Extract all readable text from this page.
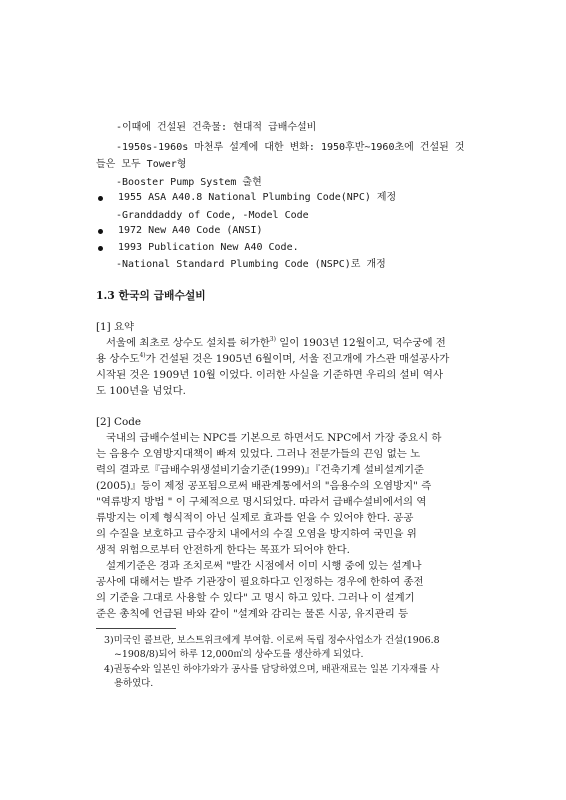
-이때에 건설된 건축물: 현대적 급배수설비
-1950s-1960s 마천루 설계에 대한 변화: 1950후반~1960초에 건설된 것
들은 모두 Tower형
-Booster Pump System 출현
1955 ASA A40.8 National Plumbing Code(NPC) 제정
-Granddaddy of Code, -Model Code
1972 New A40 Code (ANSI)
1993 Publication New A40 Code.
-National Standard Plumbing Code (NSPC)로 개정
1.3 한국의 급배수설비
[1] 요약
서울에 최초로 상수도 설치를 허가한$^{3)}$ 일이 1903년 12월이고, 덕수궁에 전
용 상수도$^{4)}$가 건설된 것은 1905년 6월이며, 서울 진고개에 가스관 매설공사가
시작된 것은 1909년 10월 이었다. 이러한 사실을 기준하면 우리의 설비 역사
도 100년을 넘었다.
[2] Code
국내의 급배수설비는 NPC를 기본으로 하면서도 NPC에서 가장 중요시 하
는 음용수 오염방지대책이 빠져 있었다. 그러나 전문가들의 끈임 없는 노
력의 결과로『급배수위생설비기술기준(1999)』『건축기계 설비설계기준
(2005)』등이 제정 공포됨으로써 배관계통에서의 "음용수의 오염방지" 즉
"역류방지 방법 " 이 구체적으로 명시되었다. 따라서 급배수설비에서의 역
류방지는 이제 형식적이 아닌 실제로 효과를 얻을 수 있어야 한다. 공공
의 수질을 보호하고 급수장치 내에서의 수질 오염을 방지하여 국민을 위
생적 위험으로부터 안전하게 한다는 목표가 되어야 한다.
설계기준은 경과 조치로써 "발간 시점에서 이미 시행 중에 있는 설계나
공사에 대해서는 발주 기관장이 필요하다고 인정하는 경우에 한하여 종전
의 기준을 그대로 사용할 수 있다" 고 명시 하고 있다. 그러나 이 설계기
준은 총칙에 언급된 바와 같이 "설계와 감리는 물론 시공, 유지관리 등
3)미국인 콜브란, 보스트위크에게 부여함. 이로써 독립 정수사업소가 건설(1906.8
~1908/8)되어 하루 12,000㎥의 상수도를 생산하게 되었다.
4)권동수와 일본인 하야가와가 공사를 담당하였으며, 배관재료는 일본 기자재를 사
용하였다.
